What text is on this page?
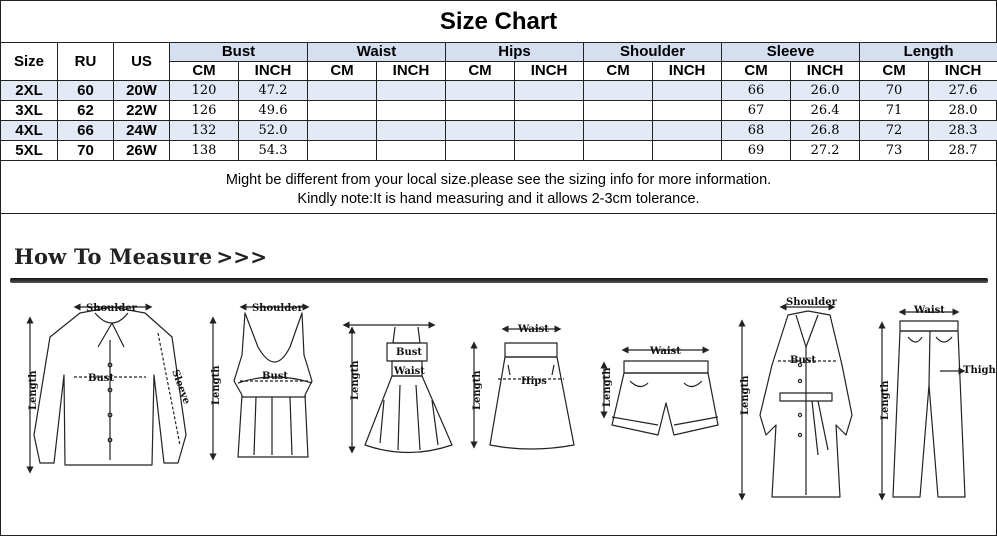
Size Chart
Size	RU	US	Bust		Waist		Hips		Shoulder		Sleeve		Length	
			CM	INCH	CM	INCH	CM	INCH	CM	INCH	CM	INCH	CM	INCH
2XL	60	20W	120	47.2							66	26.0	70	27.6
3XL	62	22W	126	49.6							67	26.4	71	28.0
4XL	66	24W	132	52.0							68	26.8	72	28.3
5XL	70	26W	138	54.3							69	27.2	73	28.7
Might be different from your local size.please see the sizing info for more information.
Kindly note:It is hand measuring and it allows 2-3cm tolerance.
How To Measure >>>
Shoulder
Bust	Sleeve
Length
Shoulder
Bust
Length
Bust
Waist
Length
Waist
Hips
Length
Waist
Length
Shoulder
Bust
Length
Waist
Thigh
Length
